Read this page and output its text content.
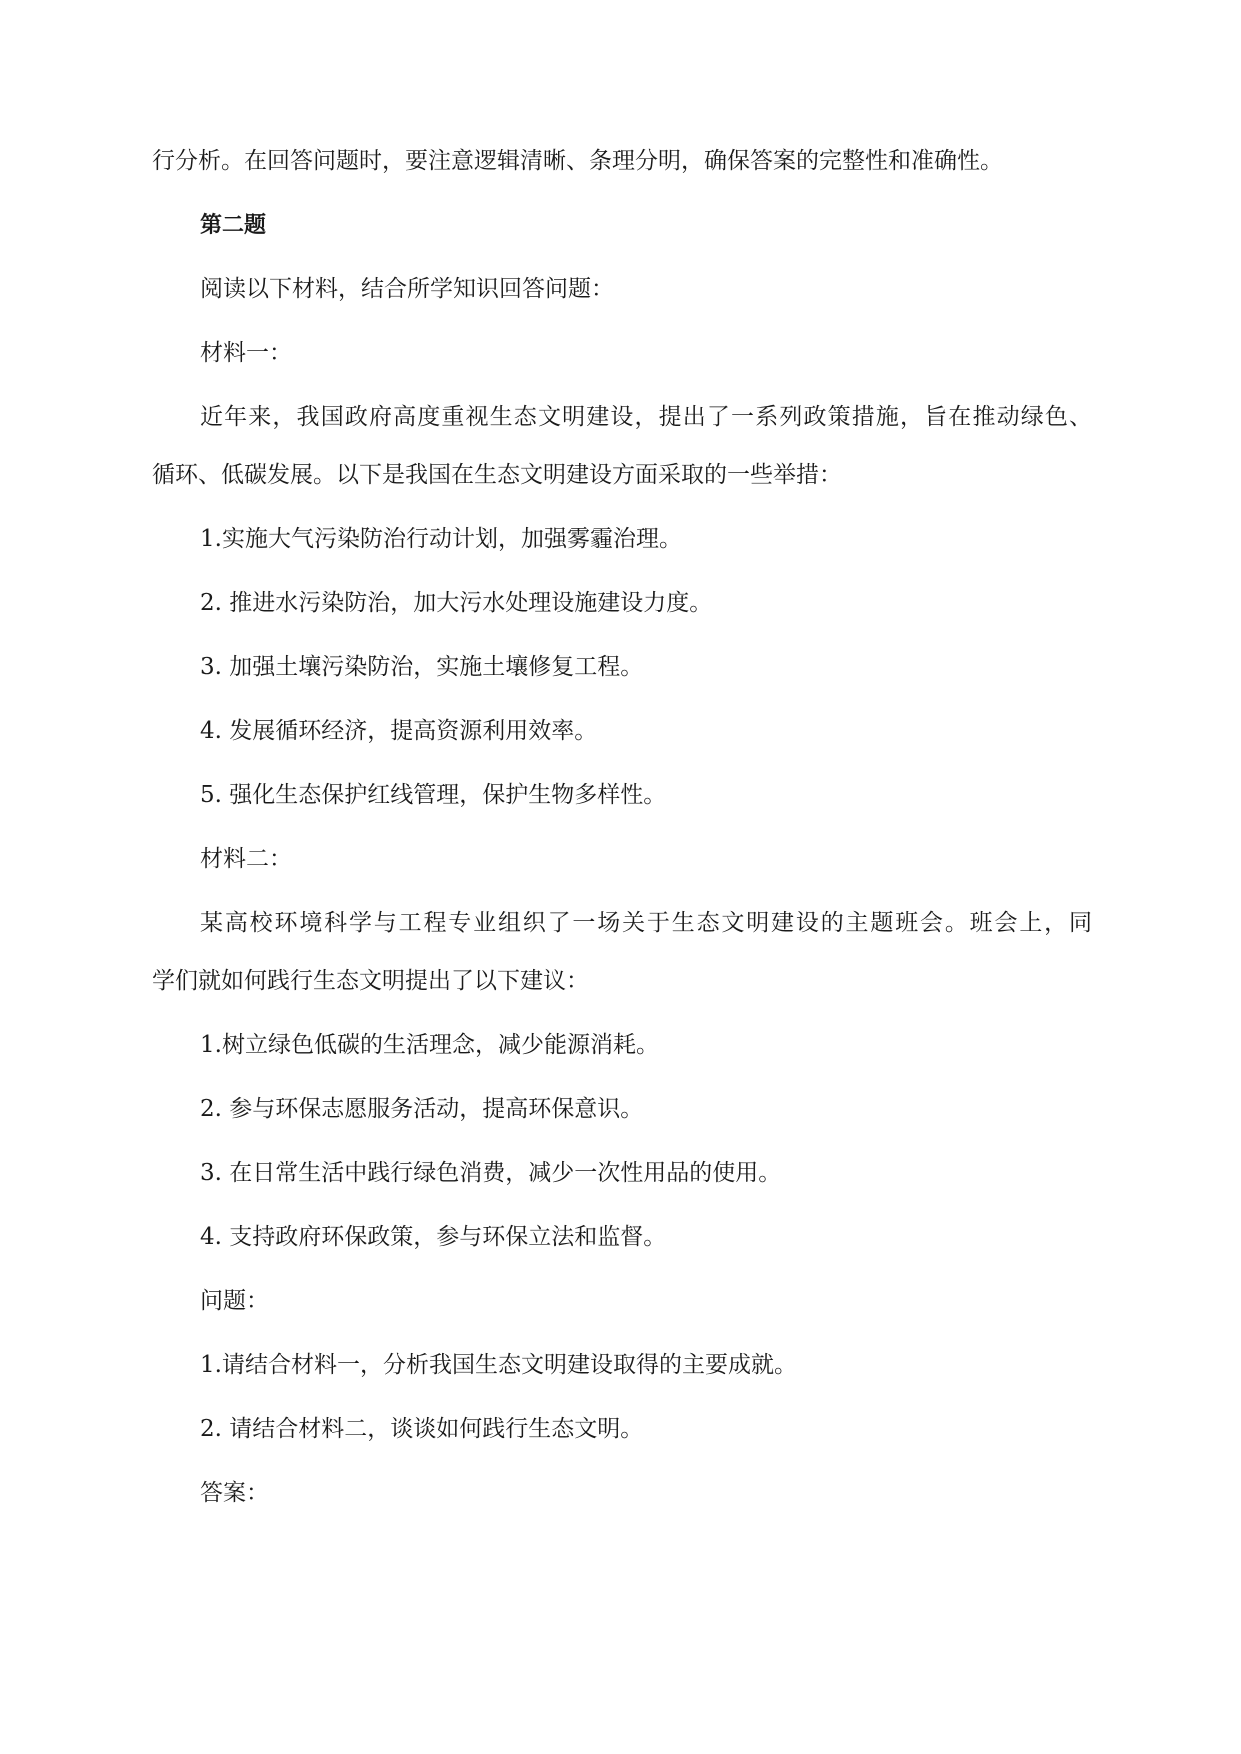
行分析。在回答问题时，要注意逻辑清晰、条理分明，确保答案的完整性和准确性。

第二题

阅读以下材料，结合所学知识回答问题：

材料一：

近年来，我国政府高度重视生态文明建设，提出了一系列政策措施，旨在推动绿色、

循环、低碳发展。以下是我国在生态文明建设方面采取的一些举措：

1.实施大气污染防治行动计划，加强雾霾治理。

2. 推进水污染防治，加大污水处理设施建设力度。

3. 加强土壤污染防治，实施土壤修复工程。

4. 发展循环经济，提高资源利用效率。

5. 强化生态保护红线管理，保护生物多样性。

材料二：

某高校环境科学与工程专业组织了一场关于生态文明建设的主题班会。班会上，同

学们就如何践行生态文明提出了以下建议：

1.树立绿色低碳的生活理念，减少能源消耗。

2. 参与环保志愿服务活动，提高环保意识。

3. 在日常生活中践行绿色消费，减少一次性用品的使用。

4. 支持政府环保政策，参与环保立法和监督。

问题：

1.请结合材料一，分析我国生态文明建设取得的主要成就。

2. 请结合材料二，谈谈如何践行生态文明。

答案：
